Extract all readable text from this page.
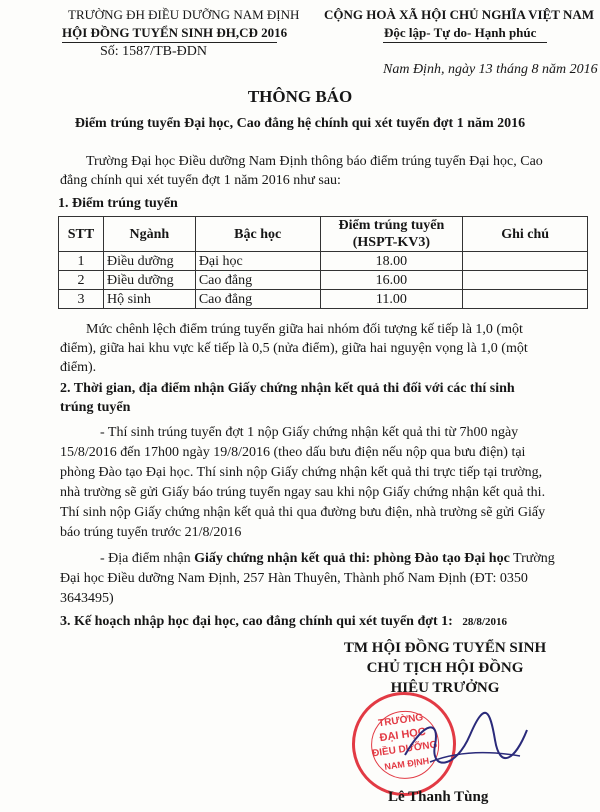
TRƯỜNG ĐH ĐIỀU DƯỠNG NAM ĐỊNH
HỘI ĐỒNG TUYỂN SINH ĐH,CĐ 2016
Số: 1587/TB-ĐDN
CỘNG HOÀ XÃ HỘI CHỦ NGHĨA VIỆT NAM
Độc lập- Tự do- Hạnh phúc
Nam Định, ngày 13 tháng 8 năm 2016
THÔNG BÁO
Điểm trúng tuyển Đại học, Cao đẳng hệ chính qui xét tuyển đợt 1 năm 2016
Trường Đại học Điều dưỡng Nam Định thông báo điểm trúng tuyển Đại học, Cao
đẳng chính qui xét tuyển đợt 1 năm 2016 như sau:
1. Điểm trúng tuyển
STT	Ngành	Bậc học	Điểm trúng tuyển
(HSPT-KV3)	Ghi chú
1	Điều dưỡng	Đại học	18.00	
2	Điều dưỡng	Cao đẳng	16.00	
3	Hộ sinh	Cao đẳng	11.00	
Mức chênh lệch điểm trúng tuyển giữa hai nhóm đối tượng kế tiếp là 1,0 (một
điểm), giữa hai khu vực kế tiếp là 0,5 (nửa điểm), giữa hai nguyện vọng là 1,0 (một
điểm).
2. Thời gian, địa điểm nhận Giấy chứng nhận kết quả thi đối với các thí sinh
trúng tuyển
- Thí sinh trúng tuyển đợt 1 nộp Giấy chứng nhận kết quả thi từ 7h00 ngày
15/8/2016 đến 17h00 ngày 19/8/2016 (theo dấu bưu điện nếu nộp qua bưu điện) tại
phòng Đào tạo Đại học. Thí sinh nộp Giấy chứng nhận kết quả thi trực tiếp tại trường,
nhà trường sẽ gửi Giấy báo trúng tuyển ngay sau khi nộp Giấy chứng nhận kết quả thi.
Thí sinh nộp Giấy chứng nhận kết quả thi qua đường bưu điện, nhà trường sẽ gửi Giấy
báo trúng tuyển trước 21/8/2016
- Địa điểm nhận Giấy chứng nhận kết quả thi: phòng Đào tạo Đại học Trường
Đại học Điều dưỡng Nam Định, 257 Hàn Thuyên, Thành phố Nam Định (ĐT: 0350
3643495)
3. Kế hoạch nhập học đại học, cao đẳng chính qui xét tuyển đợt 1: 28/8/2016
TM HỘI ĐỒNG TUYỂN SINH
CHỦ TỊCH HỘI ĐỒNG
HIỆU TRƯỞNG
TRƯỜNG
ĐẠI HỌC
ĐIỀU DƯỠNG
NAM ĐỊNH
Lê Thanh Tùng
